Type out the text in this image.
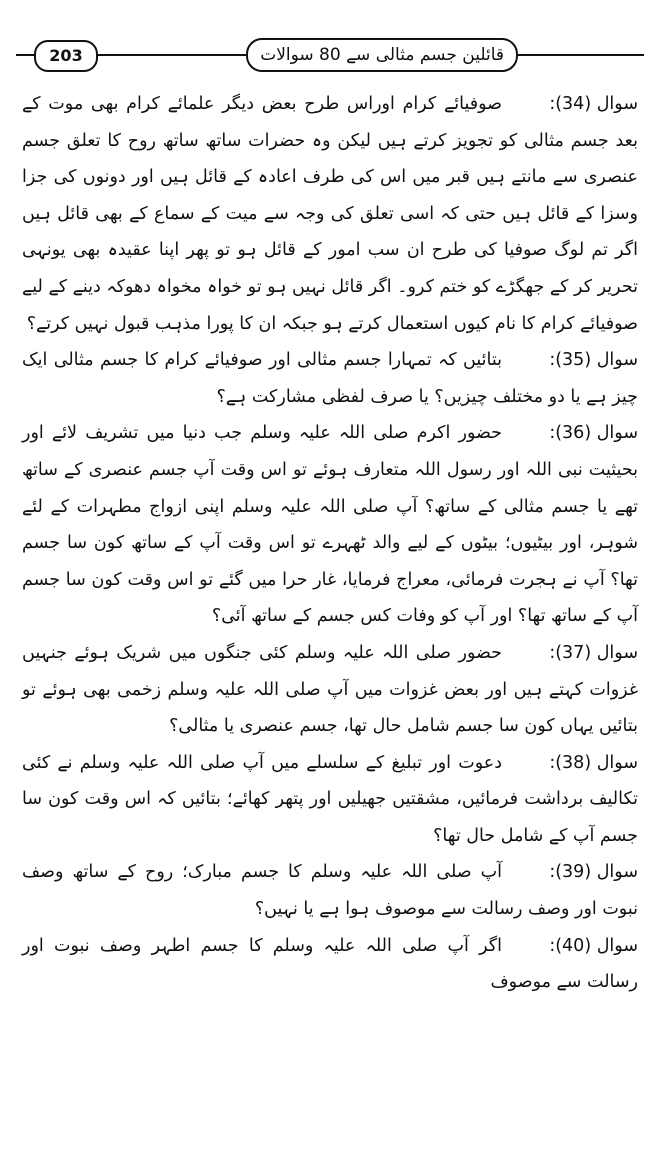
203	قائلین جسم مثالی سے 80 سوالات

سوال (34):صوفیائے کرام اوراس طرح بعض دیگر علمائے کرام بھی موت کے بعد جسم مثالی کو تجویز کرتے ہیں لیکن وہ حضرات ساتھ ساتھ روح کا تعلق جسم عنصری سے مانتے ہیں قبر میں اس کی طرف اعادہ کے قائل ہیں اور دونوں کی جزا وسزا کے قائل ہیں حتی کہ اسی تعلق کی وجہ سے میت کے سماع کے بھی قائل ہیں اگر تم لوگ صوفیا کی طرح ان سب امور کے قائل ہو تو پھر اپنا عقیدہ بھی یونہی تحریر کر کے جھگڑے کو ختم کرو۔ اگر قائل نہیں ہو تو خواہ مخواہ دھوکہ دینے کے لیے صوفیائے کرام کا نام کیوں استعمال کرتے ہو جبکہ ان کا پورا مذہب قبول نہیں کرتے؟

سوال (35):بتائیں کہ تمہارا جسم مثالی اور صوفیائے کرام کا جسم مثالی ایک چیز ہے یا دو مختلف چیزیں؟ یا صرف لفظی مشارکت ہے؟

سوال (36):حضور اکرم صلی اللہ علیہ وسلم جب دنیا میں تشریف لائے اور بحیثیت نبی اللہ اور رسول اللہ متعارف ہوئے تو اس وقت آپ جسم عنصری کے ساتھ تھے یا جسم مثالی کے ساتھ؟ آپ صلی اللہ علیہ وسلم اپنی ازواج مطہرات کے لئے شوہر، اور بیٹیوں؛ بیٹوں کے لیے والد ٹھہرے تو اس وقت آپ کے ساتھ کون سا جسم تھا؟ آپ نے ہجرت فرمائی، معراج فرمایا، غار حرا میں گئے تو اس وقت کون سا جسم آپ کے ساتھ تھا؟ اور آپ کو وفات کس جسم کے ساتھ آئی؟

سوال (37):حضور صلی اللہ علیہ وسلم کئی جنگوں میں شریک ہوئے جنہیں غزوات کہتے ہیں اور بعض غزوات میں آپ صلی اللہ علیہ وسلم زخمی بھی ہوئے تو بتائیں یہاں کون سا جسم شامل حال تھا، جسم عنصری یا مثالی؟

سوال (38):دعوت اور تبلیغ کے سلسلے میں آپ صلی اللہ علیہ وسلم نے کئی تکالیف برداشت فرمائیں، مشقتیں جھیلیں اور پتھر کھائے؛ بتائیں کہ اس وقت کون سا جسم آپ کے شامل حال تھا؟

سوال (39):آپ صلی اللہ علیہ وسلم کا جسم مبارک؛ روح کے ساتھ وصف نبوت اور وصف رسالت سے موصوف ہوا ہے یا نہیں؟

سوال (40):اگر آپ صلی اللہ علیہ وسلم کا جسم اطہر وصف نبوت اور رسالت سے موصوف
